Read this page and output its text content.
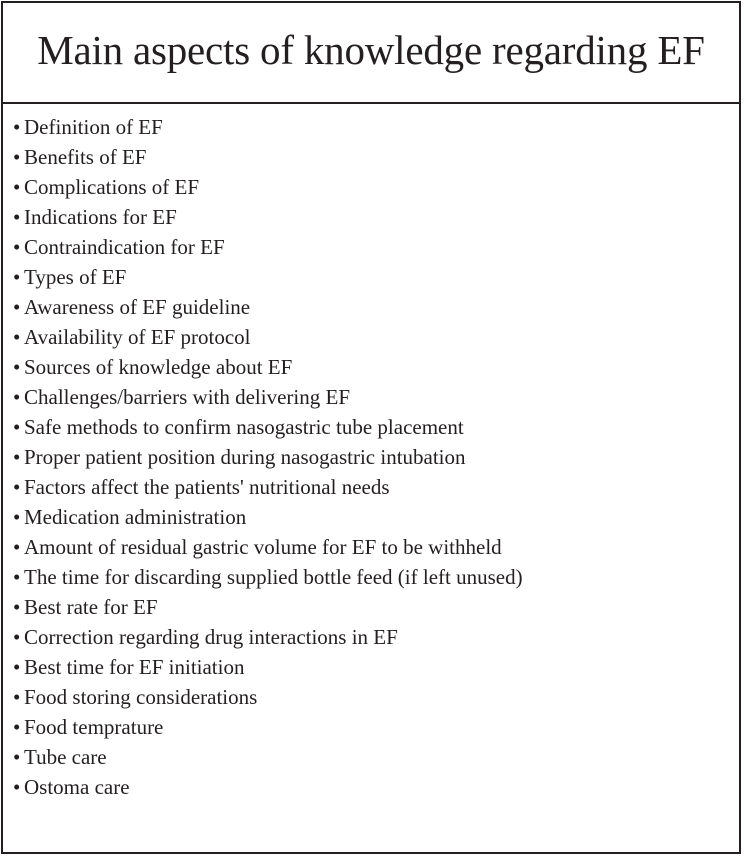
Main aspects of knowledge regarding EF
• Definition of EF
• Benefits of EF
• Complications of EF
• Indications for EF
• Contraindication for EF
• Types of EF
• Awareness of EF guideline
• Availability of EF protocol
• Sources of knowledge about EF
• Challenges/barriers with delivering EF
• Safe methods to confirm nasogastric tube placement
• Proper patient position during nasogastric intubation
• Factors affect the patients' nutritional needs
• Medication administration
• Amount of residual gastric volume for EF to be withheld
• The time for discarding supplied bottle feed (if left unused)
• Best rate for EF
• Correction regarding drug interactions in EF
• Best time for EF initiation
• Food storing considerations
• Food temprature
• Tube care
• Ostoma care
